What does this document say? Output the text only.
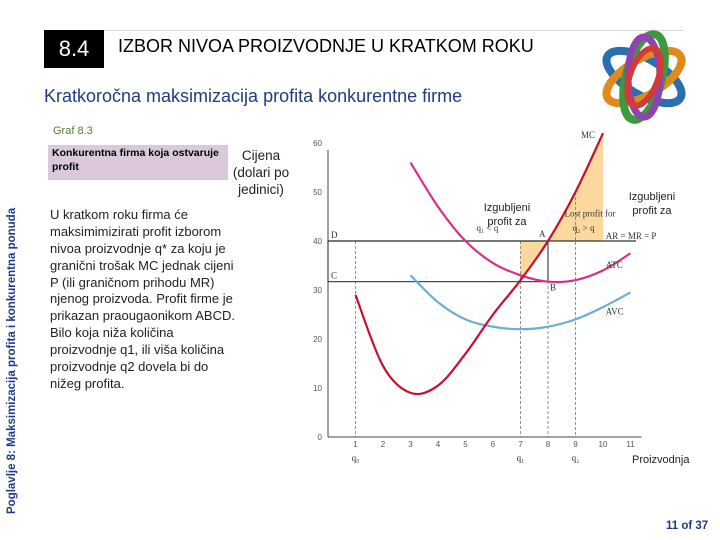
8.4 IZBOR NIVOA PROIZVODNJE U KRATKOM ROKU
Kratkoročna maksimizacija profita konkurentne firme
Poglavlje 8: Maksimizacija profita i konkurentna ponuda
Graf 8.3
Konkurentna firma koja ostvaruje profit
U kratkom roku firma će maksimimizirati profit izborom nivoa proizvodnje q* za koju je granični trošak MC jednak cijeni P (ili graničnom prihodu MR) njenog proizvoda. Profit firme je prikazan praougaonikom ABCD. Bilo koja niža količina proizvodnje q1, ili viša količina proizvodnje q2 dovela bi do nižeg profita.
Cijena (dolari po jedinici)
0
10
20
30
40
50
60
1	2	3	4	5	6	7	8	9	10 11
MC
ATC
AVC
AR = MR = P
Lost profit for
A
B
C
D
q₁ < q	q₂ > q
q₀	q₁	q₂
Izgubljeni profit za
Izgubljeni profit za
Proizvodnja
11 of 37
